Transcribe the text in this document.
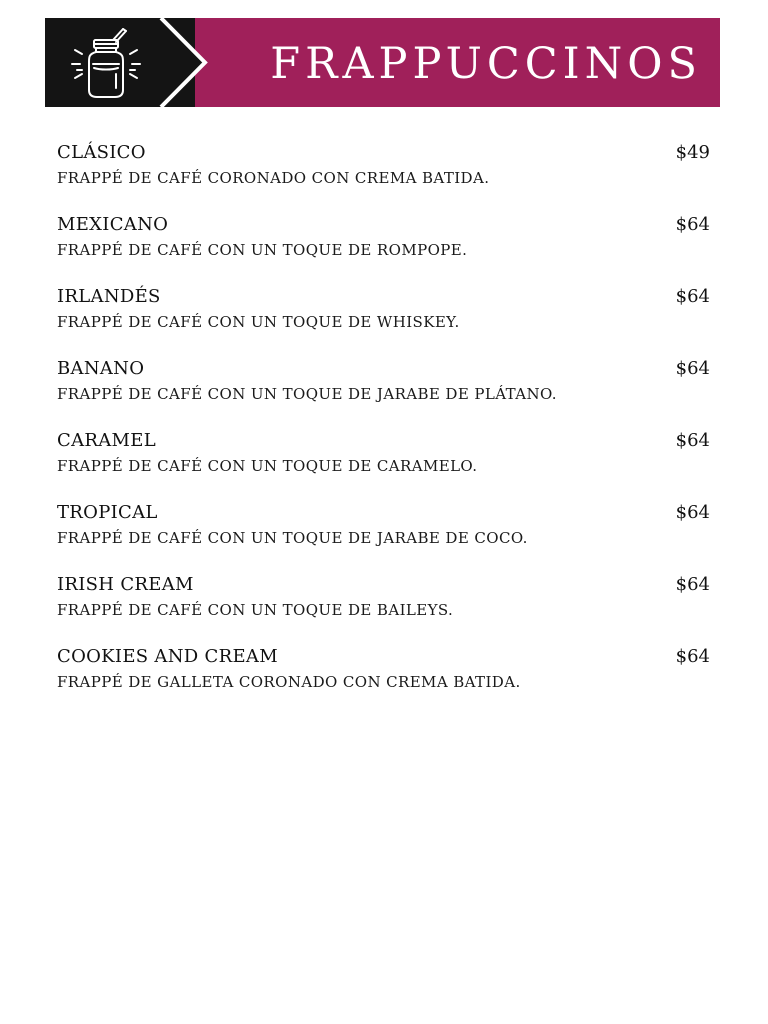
FRAPPUCCINOS
CLÁSICO	$49
FRAPPÉ DE CAFÉ CORONADO CON CREMA BATIDA.
MEXICANO	$64
FRAPPÉ DE CAFÉ CON UN TOQUE DE ROMPOPE.
IRLANDÉS	$64
FRAPPÉ DE CAFÉ CON UN TOQUE DE WHISKEY.
BANANO	$64
FRAPPÉ DE CAFÉ CON UN TOQUE DE JARABE DE PLÁTANO.
CARAMEL	$64
FRAPPÉ DE CAFÉ CON UN TOQUE DE CARAMELO.
TROPICAL	$64
FRAPPÉ DE CAFÉ CON UN TOQUE DE JARABE DE COCO.
IRISH CREAM	$64
FRAPPÉ DE CAFÉ CON UN TOQUE DE BAILEYS.
COOKIES AND CREAM	$64
FRAPPÉ DE GALLETA CORONADO CON CREMA BATIDA.
